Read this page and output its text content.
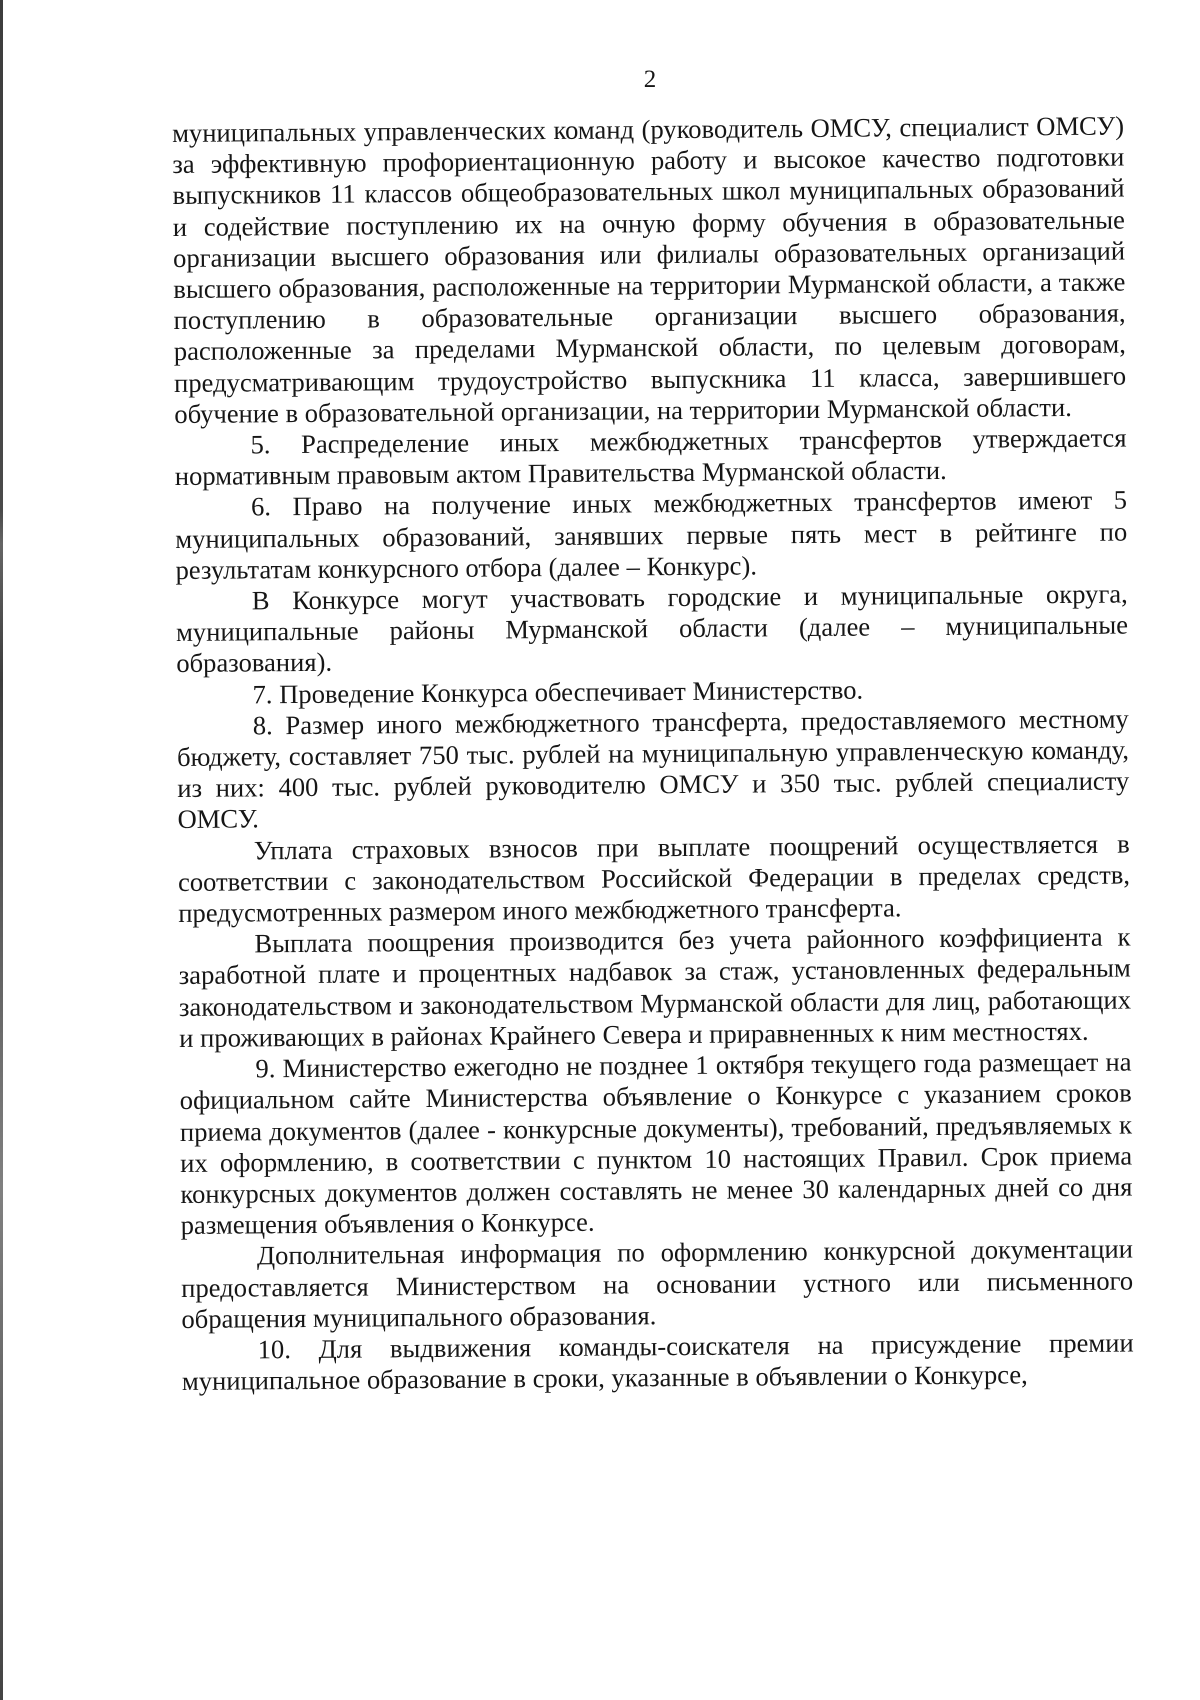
2

муниципальных управленческих команд (руководитель ОМСУ, специалист ОМСУ) за эффективную профориентационную работу и высокое качество подготовки выпускников 11 классов общеобразовательных школ муниципальных образований и содействие поступлению их на очную форму обучения в образовательные организации высшего образования или филиалы образовательных организаций высшего образования, расположенные на территории Мурманской области, а также поступлению в образовательные организации высшего образования, расположенные за пределами Мурманской области, по целевым договорам, предусматривающим трудоустройство выпускника 11 класса, завершившего обучение в образовательной организации, на территории Мурманской области.

5. Распределение иных межбюджетных трансфертов утверждается нормативным правовым актом Правительства Мурманской области.

6. Право на получение иных межбюджетных трансфертов имеют 5 муниципальных образований, занявших первые пять мест в рейтинге по результатам конкурсного отбора (далее – Конкурс).

В Конкурсе могут участвовать городские и муниципальные округа, муниципальные районы Мурманской области (далее – муниципальные образования).

7. Проведение Конкурса обеспечивает Министерство.

8. Размер иного межбюджетного трансферта, предоставляемого местному бюджету, составляет 750 тыс. рублей на муниципальную управленческую команду, из них: 400 тыс. рублей руководителю ОМСУ и 350 тыс. рублей специалисту ОМСУ.

Уплата страховых взносов при выплате поощрений осуществляется в соответствии с законодательством Российской Федерации в пределах средств, предусмотренных размером иного межбюджетного трансферта.

Выплата поощрения производится без учета районного коэффициента к заработной плате и процентных надбавок за стаж, установленных федеральным законодательством и законодательством Мурманской области для лиц, работающих и проживающих в районах Крайнего Севера и приравненных к ним местностях.

9. Министерство ежегодно не позднее 1 октября текущего года размещает на официальном сайте Министерства объявление о Конкурсе с указанием сроков приема документов (далее - конкурсные документы), требований, предъявляемых к их оформлению, в соответствии с пунктом 10 настоящих Правил. Срок приема конкурсных документов должен составлять не менее 30 календарных дней со дня размещения объявления о Конкурсе.

Дополнительная информация по оформлению конкурсной документации предоставляется Министерством на основании устного или письменного обращения муниципального образования.

10. Для выдвижения команды-соискателя на присуждение премии муниципальное образование в сроки, указанные в объявлении о Конкурсе,
